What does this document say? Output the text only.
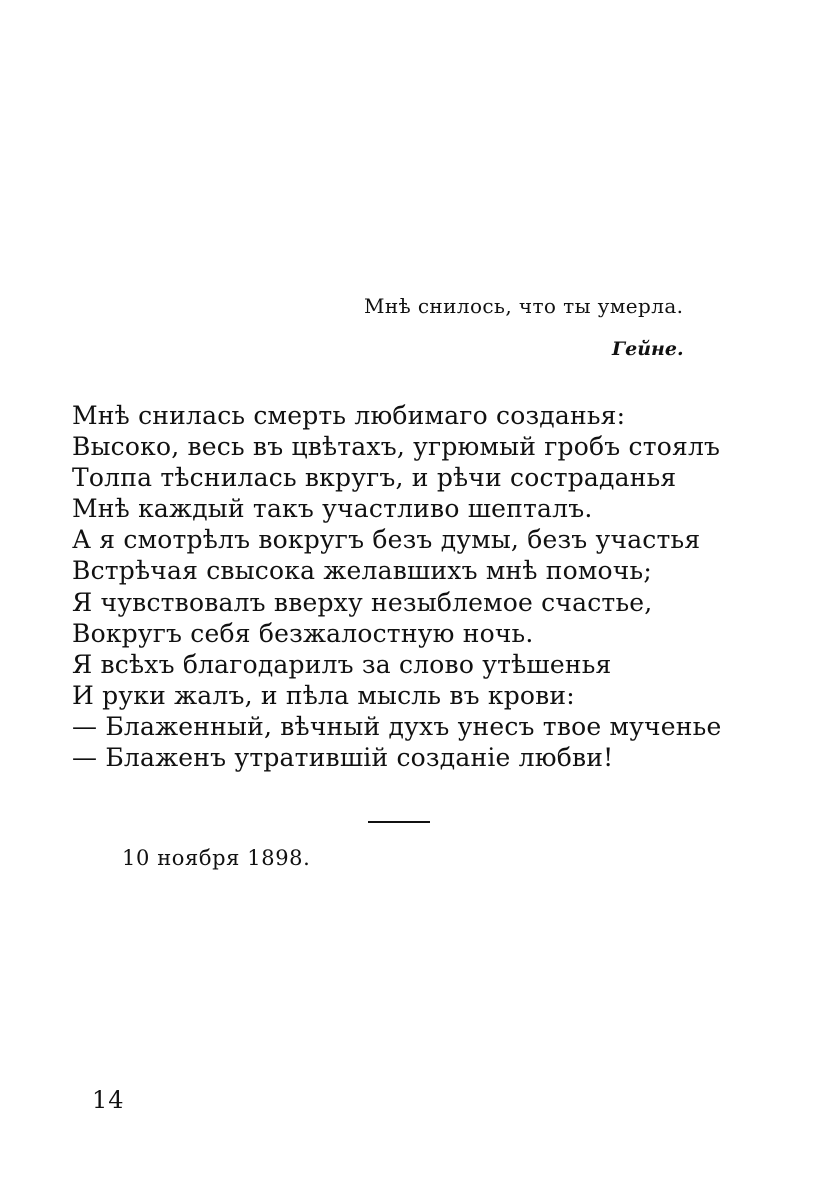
Мнѣ снилось, что ты умерла.

Гейне.

Мнѣ снилась смерть любимаго созданья:
Высоко, весь въ цвѣтахъ, угрюмый гробъ стоялъ
Толпа тѣснилась вкругъ, и рѣчи состраданья
Мнѣ каждый такъ участливо шепталъ.
А я смотрѣлъ вокругъ безъ думы, безъ участья
Встрѣчая свысока желавшихъ мнѣ помочь;
Я чувствовалъ вверху незыблемое счастье,
Вокругъ себя безжалостную ночь.
Я всѣхъ благодарилъ за слово утѣшенья
И руки жалъ, и пѣла мысль въ крови:
— Блаженный, вѣчный духъ унесъ твое мученье
— Блаженъ утратившій созданіе любви!

10 ноября 1898.

14
